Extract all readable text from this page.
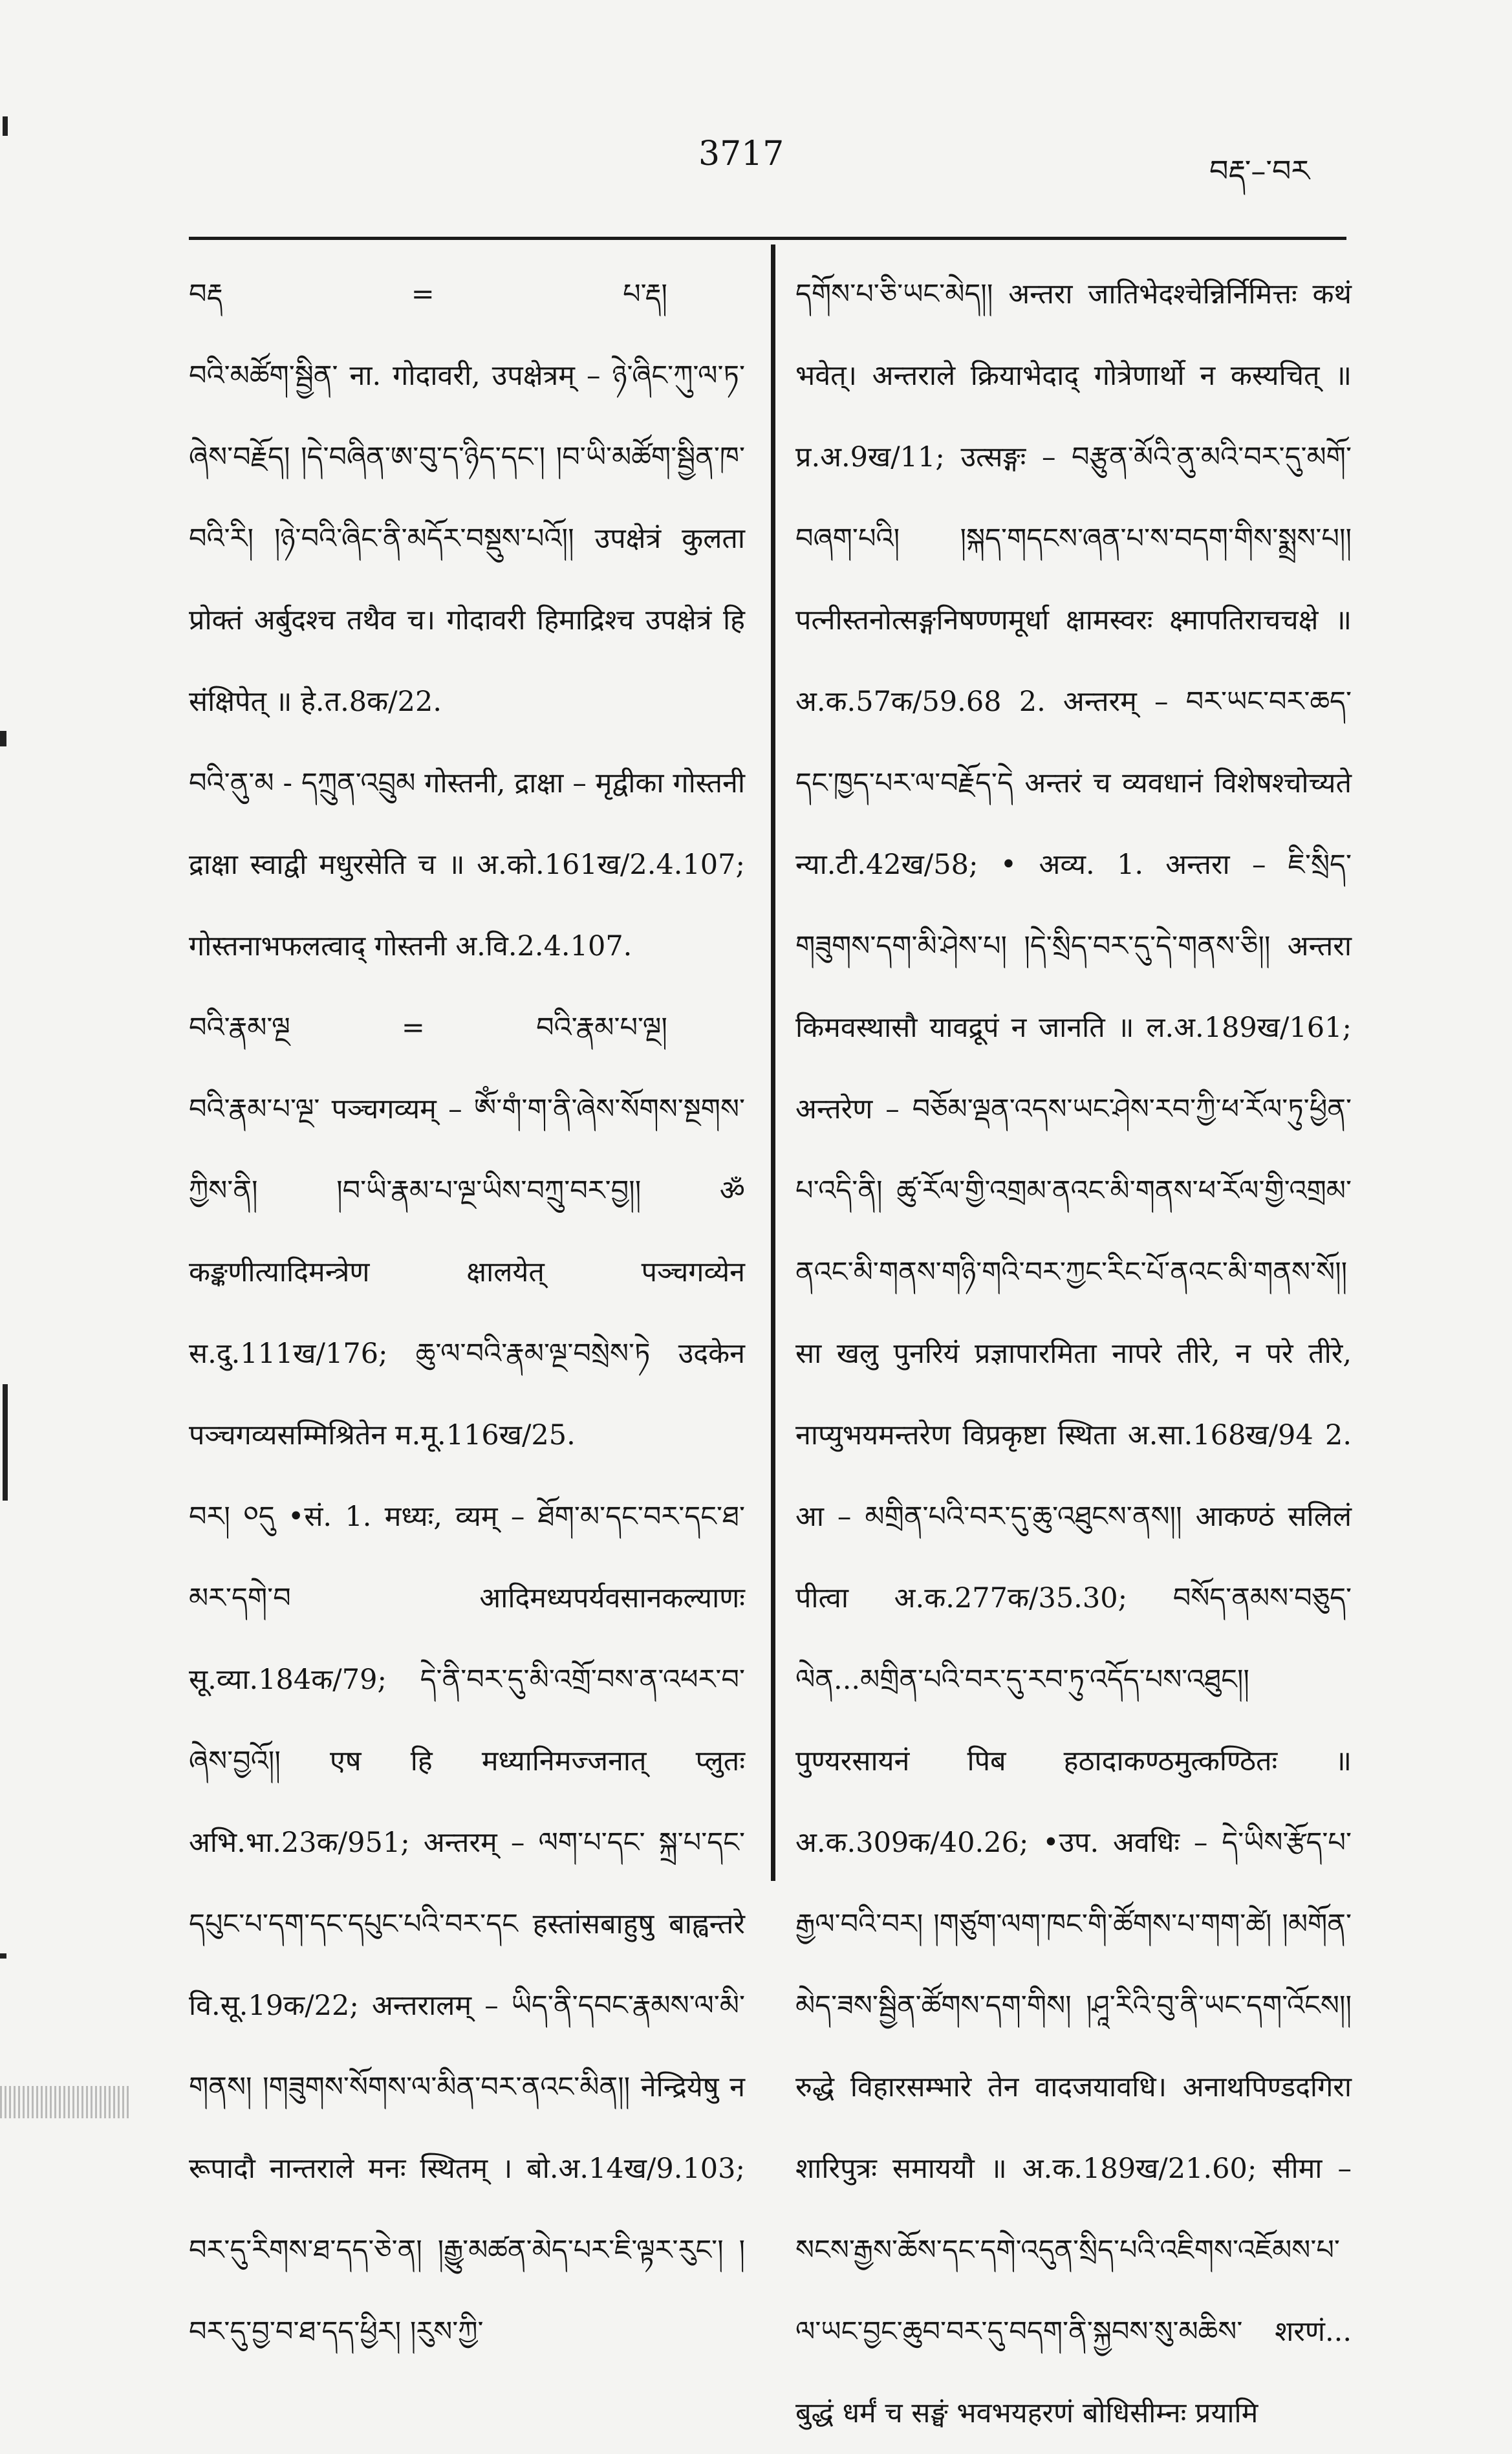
3717	བརྡ་–་བར

བརྡ	=	པ་རྡ།

བའི་མཚོག་སྦྱིན་ ना. गोदावरी, उपक्षेत्रम् – ཉེ་ཞིང་ཀུ་ལ་ཏ་ཞེས་བརྗོད། །དེ་བཞིན་ཨ་བུ་ད་ཉིད་དང་། །བ་ཡི་མཚོག་སྦྱིན་ཁ་བའི་རི། །ཉེ་བའི་ཞིང་ནི་མདོར་བསྡུས་པའོ།། उपक्षेत्रं कुलता प्रोक्तं अर्बुदश्च तथैव च। गोदावरी हिमाद्रिश्च उपक्षेत्रं हि संक्षिपेत् ॥ हे.त.8क/22.

བའི་ནུ་མ - དཀྲུན་འབྲུམ गोस्तनी, द्राक्षा – मृद्वीका गोस्तनी द्राक्षा स्वाद्वी मधुरसेति च ॥ अ.को.161ख/2.4.107; गोस्तनाभफलत्वाद् गोस्तनी अ.वि.2.4.107.

བའི་རྣམ་ལྔ	=	བའི་རྣམ་པ་ལྔ།

བའི་རྣམ་པ་ལྔ་ पञ्चगव्यम् – ཨོཾ་གཾ་ག་ནི་ཞེས་སོགས་སྔགས་ཀྱིས་ནི། །བ་ཡི་རྣམ་པ་ལྔ་ཡིས་བཀྲུ་བར་བྱ།། ॐ कङ्कणीत्यादिमन्त्रेण क्षालयेत् पञ्चगव्येन स.दु.111ख/176; ཆུ་ལ་བའི་རྣམ་ལྔ་བསྲེས་ཏེ उदकेन पञ्चगव्यसम्मिश्रितेन म.मू.116ख/25.

བར། ༠དུ •सं. 1. मध्यः, व्यम् – ཐོག་མ་དང་བར་དང་ཐ་མར་དགེ་བ आदिमध्यपर्यवसानकल्याणः सू.व्या.184क/79; དེ་ནི་བར་དུ་མི་འགྲོ་བས་ན་འཕར་བ་ཞེས་བྱའོ།། एष हि मध्यानिमज्जनात् प्लुतः अभि.भा.23क/951; अन्तरम् – ལག་པ་དང་ སྐྲ་པ་དང་དཔུང་པ་དག་དང་དཔུང་པའི་བར་དང हस्तांसबाहुषु बाह्वन्तरे वि.सू.19क/22; अन्तरालम् – ཡིད་ནི་དབང་རྣམས་ལ་མི་གནས། །གཟུགས་སོགས་ལ་མིན་བར་ནའང་མིན།། नेन्द्रियेषु न रूपादौ नान्तराले मनः स्थितम् । बो.अ.14ख/9.103; བར་དུ་རིགས་ཐ་དད་ཅེ་ན། །རྒྱུ་མཚན་མེད་པར་ཇི་ལྟར་རུང་། །བར་དུ་བྱ་བ་ཐ་དད་ཕྱིར། །རུས་ཀྱི་

དགོས་པ་ཅི་ཡང་མེད།། अन्तरा जातिभेदश्चेन्निर्निमित्तः कथं भवेत्। अन्तराले क्रियाभेदाद् गोत्रेणार्थो न कस्यचित् ॥ प्र.अ.9ख/11; उत्सङ्गः – བརྩུན་མོའི་ནུ་མའི་བར་དུ་མགོ་བཞག་པའི། །སྐད་གདངས་ཞན་པ་ས་བདག་གིས་སྨྲས་པ།། पत्नीस्तनोत्सङ्गनिषण्णमूर्धा क्षामस्वरः क्ष्मापतिराचचक्षे ॥ अ.क.57क/59.68 2. अन्तरम् – བར་ཡང་བར་ཆད་དང་ཁྱད་པར་ལ་བརྗོད་དེ अन्तरं च व्यवधानं विशेषश्चोच्यते न्या.टी.42ख/58; • अव्य. 1. अन्तरा – ཇི་སྲིད་གཟུགས་དག་མི་ཤེས་པ། །དེ་སྲིད་བར་དུ་དེ་གནས་ཅི།། अन्तरा किमवस्थासौ यावद्रूपं न जानति ॥ ल.अ.189ख/161; अन्तरेण – བཅོམ་ལྡན་འདས་ཡང་ཤེས་རབ་ཀྱི་ཕ་རོལ་ཏུ་ཕྱིན་པ་འདི་ནི། ཚུ་རོལ་གྱི་འགྲམ་ནའང་མི་གནས་ཕ་རོལ་གྱི་འགྲམ་ནའང་མི་གནས་གཉི་གའི་བར་ཀྱང་རིང་པོ་ནའང་མི་གནས་སོ།། सा खलु पुनरियं प्रज्ञापारमिता नापरे तीरे, न परे तीरे, नाप्युभयमन्तरेण विप्रकृष्टा स्थिता अ.सा.168ख/94 2. आ – མགྲིན་པའི་བར་དུ་ཆུ་འཐུངས་ནས།། आकण्ठं सलिलं पीत्वा अ.क.277क/35.30; བསོད་ནམས་བཅུད་ལེན...མགྲིན་པའི་བར་དུ་རབ་ཏུ་འདོད་པས་འཐུང།། पुण्यरसायनं पिब हठादाकण्ठमुत्कण्ठितः ॥ अ.क.309क/40.26; •उप. अवधिः – དེ་ཡིས་རྩོད་པ་རྒྱལ་བའི་བར། །གཙུག་ལག་ཁང་གི་ཚོགས་པ་གག་ཚེ། །མགོན་མེད་ཟས་སྦྱིན་ཚོགས་དག་གིས། །ཤཱ་རིའི་བུ་ནི་ཡང་དག་འོངས།། रुद्धे विहारसम्भारे तेन वादजयावधि। अनाथपिण्डदगिरा शारिपुत्रः समाययौ ॥ अ.क.189ख/21.60; सीमा – སངས་རྒྱས་ཆོས་དང་དགེ་འདུན་སྲིད་པའི་འཇིགས་འཇོམས་པ་ལ་ཡང་བྱང་ཆུབ་བར་དུ་བདག་ནི་སྐྱབས་སུ་མཆིས་ शरणं... बुद्धं धर्मं च सङ्घं भवभयहरणं बोधिसीम्नः प्रयामि
